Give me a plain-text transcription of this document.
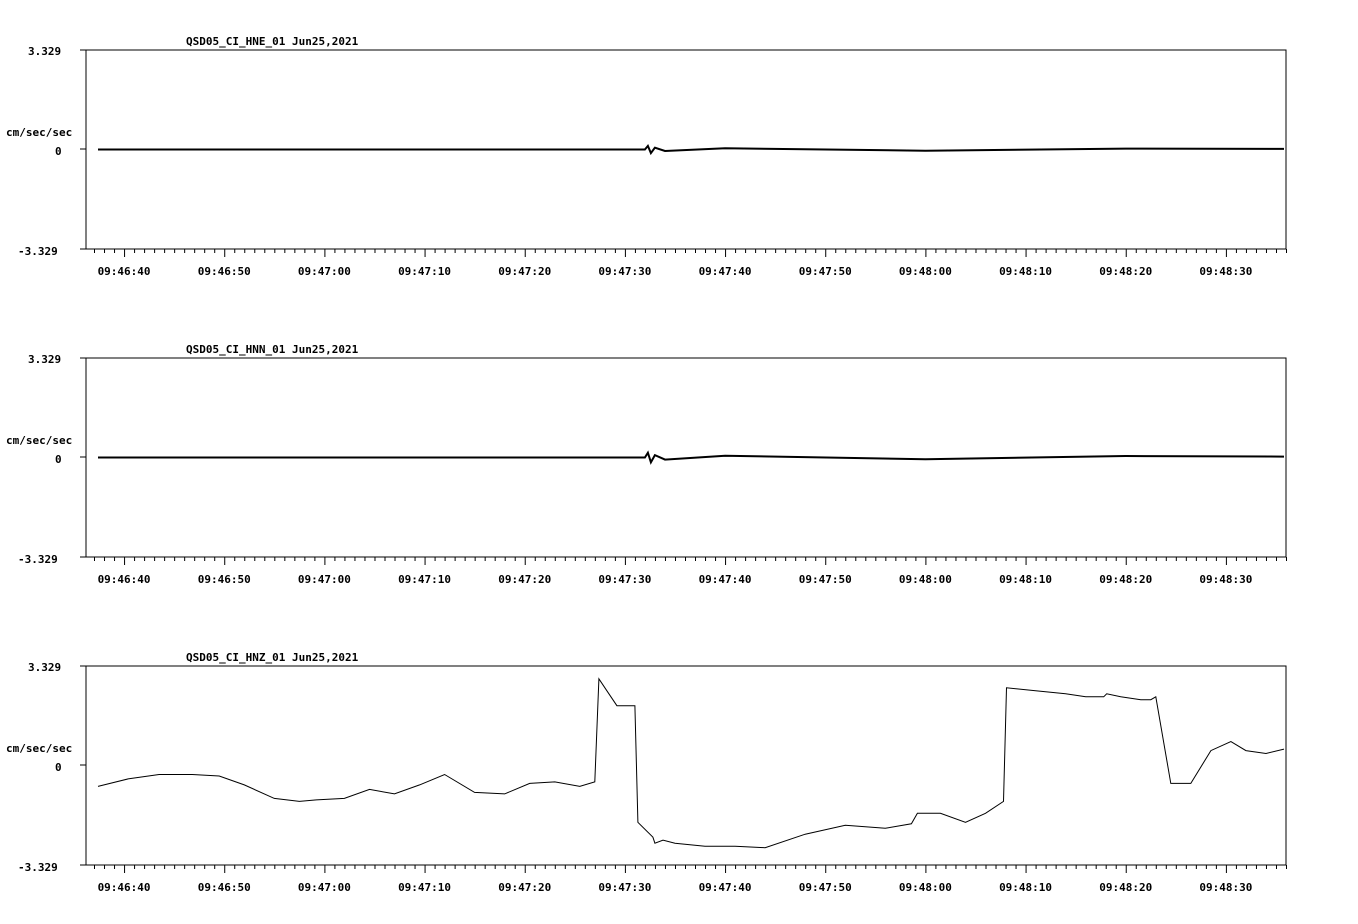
QSD05_CI_HNE_01 Jun25,2021
3.329
0
-3.329
cm/sec/sec
09:46:40	09:46:50	09:47:00	09:47:10	09:47:20	09:47:30	09:47:40	09:47:50	09:48:00	09:48:10	09:48:20	09:48:30
QSD05_CI_HNN_01 Jun25,2021
3.329
0
-3.329
cm/sec/sec
09:46:40	09:46:50	09:47:00	09:47:10	09:47:20	09:47:30	09:47:40	09:47:50	09:48:00	09:48:10	09:48:20	09:48:30
QSD05_CI_HNZ_01 Jun25,2021
3.329
0
-3.329
cm/sec/sec
09:46:40	09:46:50	09:47:00	09:47:10	09:47:20	09:47:30	09:47:40	09:47:50	09:48:00	09:48:10	09:48:20	09:48:30
